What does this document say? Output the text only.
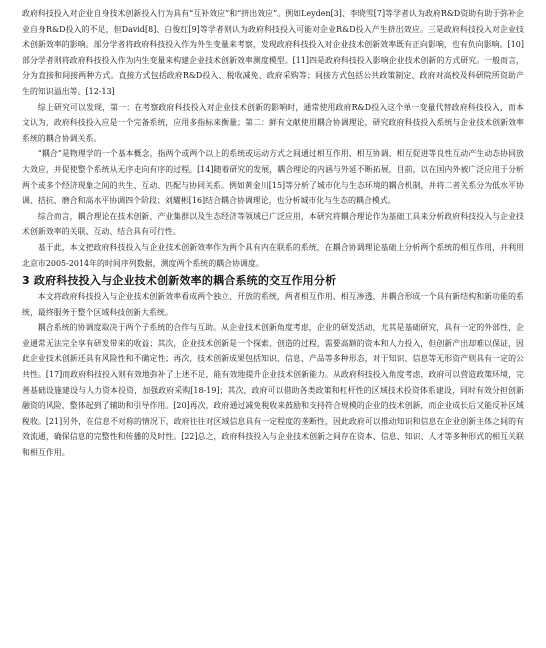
政府科技投入对企业自身技术创新投入行为具有“互补效应”和“挤出效应”。例如Leyden[3]、李晓雪[7]等学者认为政府R&D资助有助于弥补企业自身R&D投入的不足，但David[8]、白俊红[9]等学者则认为政府科技投入可能对企业R&D投入产生挤出效应。三是政府科技投入对企业技术创新效率的影响。部分学者将政府科技投入作为外生变量来考察，发现政府科技投入对企业技术创新效率既有正向影响，也有负向影响。[10]部分学者则将政府科技投入作为内生变量来构建企业技术创新效率测度模型。[11]四是政府科技投入影响企业技术创新的方式研究。一般而言，分为直接和间接两种方式。直接方式包括政府R&D投入、税收减免、政府采购等；间接方式包括公共政策制定、政府对高校及科研院所资助产生的知识溢出等。[12-13]

综上研究可以发现，第一：在考察政府科技投入对企业技术创新的影响时，通常使用政府R&D投入这个单一变量代替政府科技投入，而本文认为，政府科技投入应是一个完备系统，应用多指标来衡量；第二：鲜有文献使用耦合协调理论，研究政府科技投入系统与企业技术创新效率系统的耦合协调关系。

“耦合”是物理学的一个基本概念，指两个或两个以上的系统或运动方式之间通过相互作用、相互协调、相互促进等良性互动产生动态协同放大效应，并促使整个系统从无序走向有序的过程。[14]随着研究的发展，耦合理论的内涵与外延不断拓展，目前，以在国内外被广泛应用于分析两个或多个经济现象之间的共生、互动、匹配与协同关系。例如黄金川[15]等分析了城市化与生态环境的耦合机制，并将二者关系分为低水平协调、拮抗、磨合和高水平协调四个阶段；刘耀彬[16]结合耦合协调理论，也分析城市化与生态的耦合模式。

综合而言，耦合理论在技术创新、产业集群以及生态经济等领域已广泛应用，本研究将耦合理论作为基础工具来分析政府科技投入与企业技术创新效率的关联、互动、结合具有可行性。

基于此，本文把政府科技投入与企业技术创新效率作为两个具有内在联系的系统，在耦合协调理论基础上分析两个系统的相互作用，并利用北京市2005-2014年的时间序列数据，测度两个系统的耦合协调度。

3 政府科技投入与企业技术创新效率的耦合系统的交互作用分析

本文将政府科技投入与企业技术创新效率看成两个独立、开放的系统，两者相互作用、相互渗透，并耦合形成一个具有新结构和新功能的系统，最终服务于整个区域科技创新大系统。

耦合系统的协调度取决于两个子系统的合作与互助。从企业技术创新角度考虑，企业的研发活动，尤其是基础研究，具有一定的外部性，企业通常无法完全享有研发带来的收益；其次，企业技术创新是一个探索、创造的过程，需要高额的资本和人力投入，但创新产出却难以保证，因此企业技术创新还具有风险性和不确定性；再次，技术创新成果包括知识、信息、产品等多种形态，对于知识、信息等无形资产则具有一定的公共性。[17]而政府科技投入则有效地弥补了上述不足，能有效地提升企业技术创新能力。从政府科技投入角度考虑，政府可以营造政策环境，完善基础设施建设与人力资本投资，加强政府采购[18-19]；其次，政府可以借助各类政策和杠杆性的区域技术投资体系建设，同时有效分担创新融资的风险，整体起到了辅助和引导作用。[20]再次，政府通过减免税收来鼓励和支持符合规模的企业的技术创新，而企业成长后又能反补区域税收。[21]另外，在信息不对称的情况下，政府往往对区域信息具有一定程度的垄断性，因此政府可以推动知识和信息在企业创新主体之间的有效流通，确保信息的完整性和传播的及时性。[22]总之，政府科技投入与企业技术创新之间存在资本、信息、知识、人才等多种形式的相互关联和相互作用。
